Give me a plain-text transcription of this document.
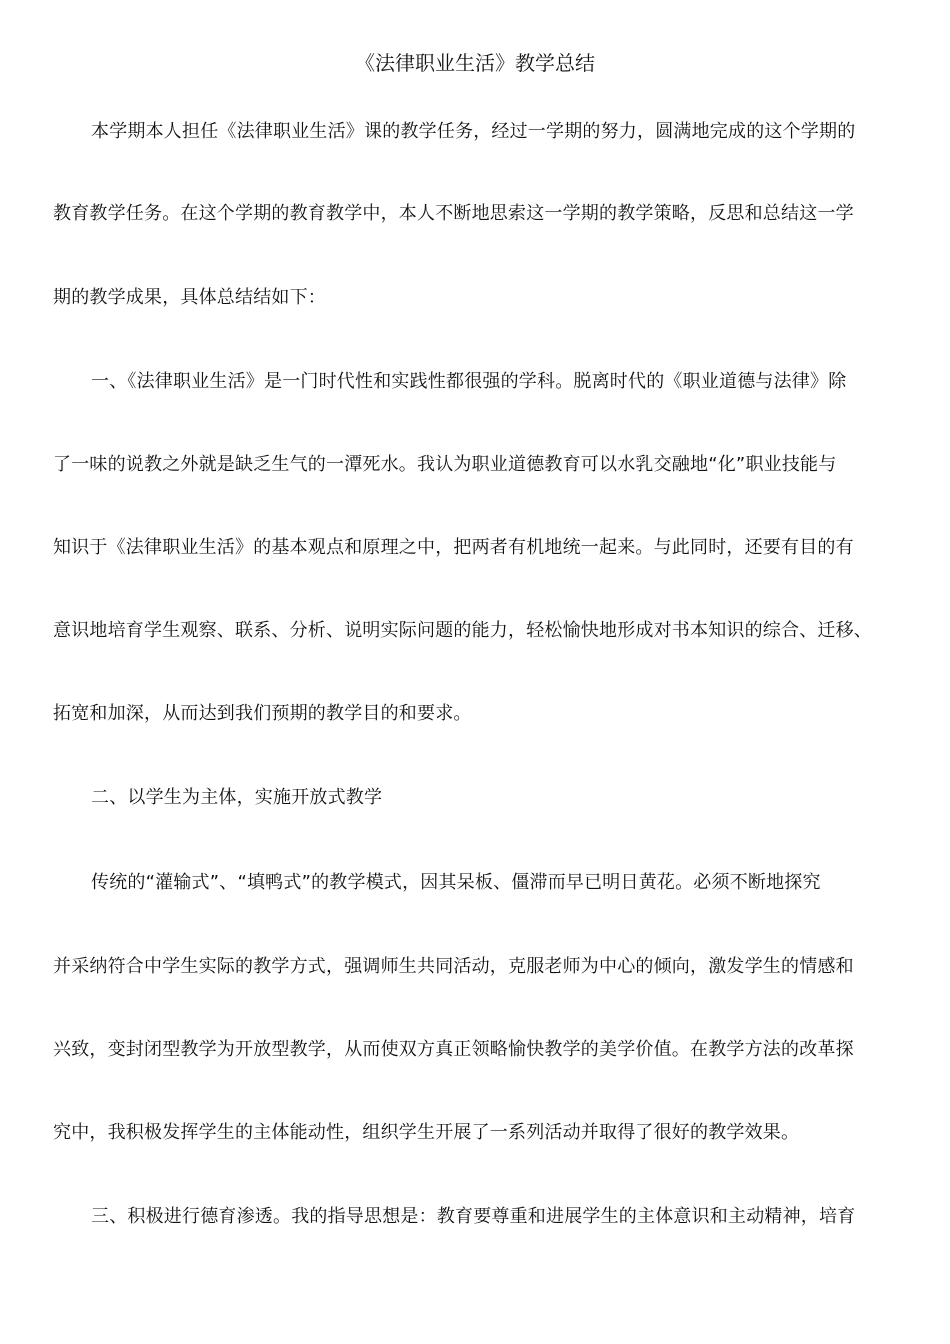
《法律职业生活》教学总结
本学期本人担任《法律职业生活》课的教学任务，经过一学期的努力，圆满地完成的这个学期的
教育教学任务。在这个学期的教育教学中，本人不断地思索这一学期的教学策略，反思和总结这一学
期的教学成果，具体总结结如下：
一、《法律职业生活》是一门时代性和实践性都很强的学科。脱离时代的《职业道德与法律》除
了一味的说教之外就是缺乏生气的一潭死水。我认为职业道德教育可以水乳交融地“化”职业技能与
知识于《法律职业生活》的基本观点和原理之中，把两者有机地统一起来。与此同时，还要有目的有
意识地培育学生观察、联系、分析、说明实际问题的能力，轻松愉快地形成对书本知识的综合、迁移、
拓宽和加深，从而达到我们预期的教学目的和要求。
二、以学生为主体，实施开放式教学
传统的“灌输式”、“填鸭式”的教学模式，因其呆板、僵滞而早已明日黄花。必须不断地探究
并采纳符合中学生实际的教学方式，强调师生共同活动，克服老师为中心的倾向，激发学生的情感和
兴致，变封闭型教学为开放型教学，从而使双方真正领略愉快教学的美学价值。在教学方法的改革探
究中，我积极发挥学生的主体能动性，组织学生开展了一系列活动并取得了很好的教学效果。
三、积极进行德育渗透。我的指导思想是：教育要尊重和进展学生的主体意识和主动精神，培育
